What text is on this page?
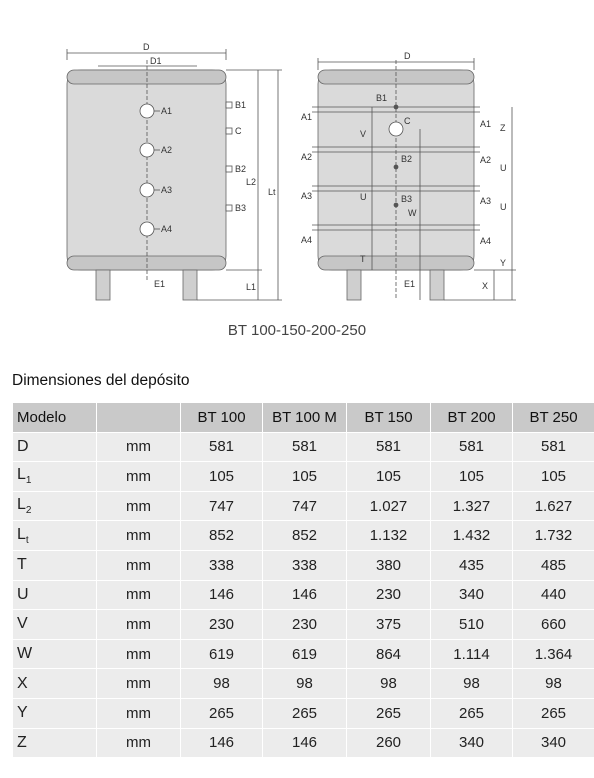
D
D1
A1
A2
A3
A4
B1
C
B2
B3
L2
Lt
L1
E1
D
B1
C
B2
B3
A1
A2
A3
A4
A1
A2
A3
A4
V
U
T
W
Z
U
U
Y
X
E1
BT 100-150-200-250
Dimensiones del depósito
Modelo		BT 100	BT 100 M	BT 150	BT 200	BT 250
D	mm	581	581	581	581	581
$L_1$	mm	105	105	105	105	105
$L_2$	mm	747	747	1.027	1.327	1.627
$L_t$	mm	852	852	1.132	1.432	1.732
T	mm	338	338	380	435	485
U	mm	146	146	230	340	440
V	mm	230	230	375	510	660
W	mm	619	619	864	1.114	1.364
X	mm	98	98	98	98	98
Y	mm	265	265	265	265	265
Z	mm	146	146	260	340	340
